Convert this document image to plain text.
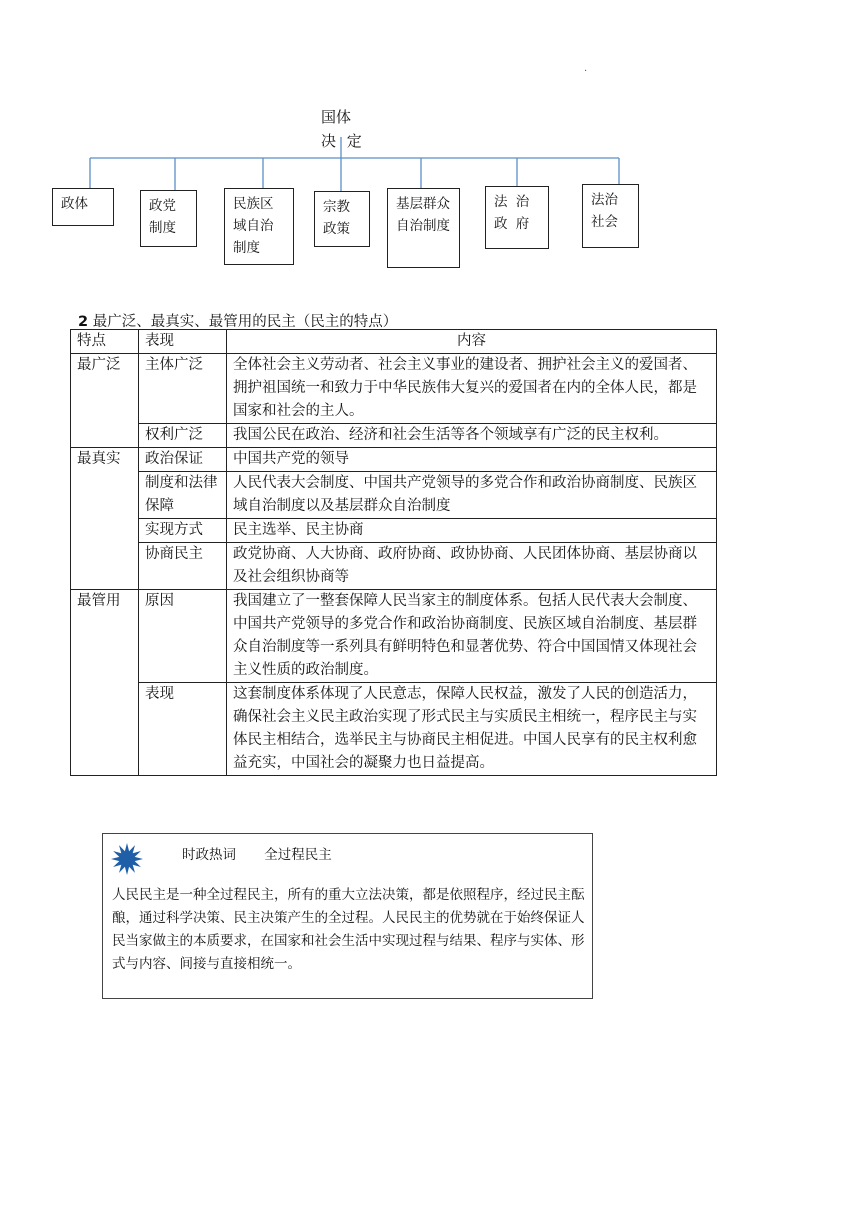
·
国体
决 定
政体	政党制度
民族区域自治制度
宗教政策
基层群众自治制度
法 治政 府
法治社会
2 最广泛、最真实、最管用的民主（民主的特点）
特点	表现	内容
最广泛	主体广泛	全体社会主义劳动者、社会主义事业的建设者、拥护社会主义的爱国者、拥护祖国统一和致力于中华民族伟大复兴的爱国者在内的全体人民，都是国家和社会的主人。
	权利广泛	我国公民在政治、经济和社会生活等各个领域享有广泛的民主权利。
最真实	政治保证	中国共产党的领导
	制度和法律保障	人民代表大会制度、中国共产党领导的多党合作和政治协商制度、民族区域自治制度以及基层群众自治制度
	实现方式	民主选举、民主协商
	协商民主	政党协商、人大协商、政府协商、政协协商、人民团体协商、基层协商以及社会组织协商等
最管用	原因	我国建立了一整套保障人民当家主的制度体系。包括人民代表大会制度、中国共产党领导的多党合作和政治协商制度、民族区域自治制度、基层群众自治制度等一系列具有鲜明特色和显著优势、符合中国国情又体现社会主义性质的政治制度。
	表现	这套制度体系体现了人民意志，保障人民权益，激发了人民的创造活力，确保社会主义民主政治实现了形式民主与实质民主相统一，程序民主与实体民主相结合，选举民主与协商民主相促进。中国人民享有的民主权利愈益充实，中国社会的凝聚力也日益提高。
时政热词 全过程民主
人民民主是一种全过程民主，所有的重大立法决策，都是依照程序，经过民主酝酿，通过科学决策、民主决策产生的全过程。人民民主的优势就在于始终保证人民当家做主的本质要求，在国家和社会生活中实现过程与结果、程序与实体、形式与内容、间接与直接相统一。
